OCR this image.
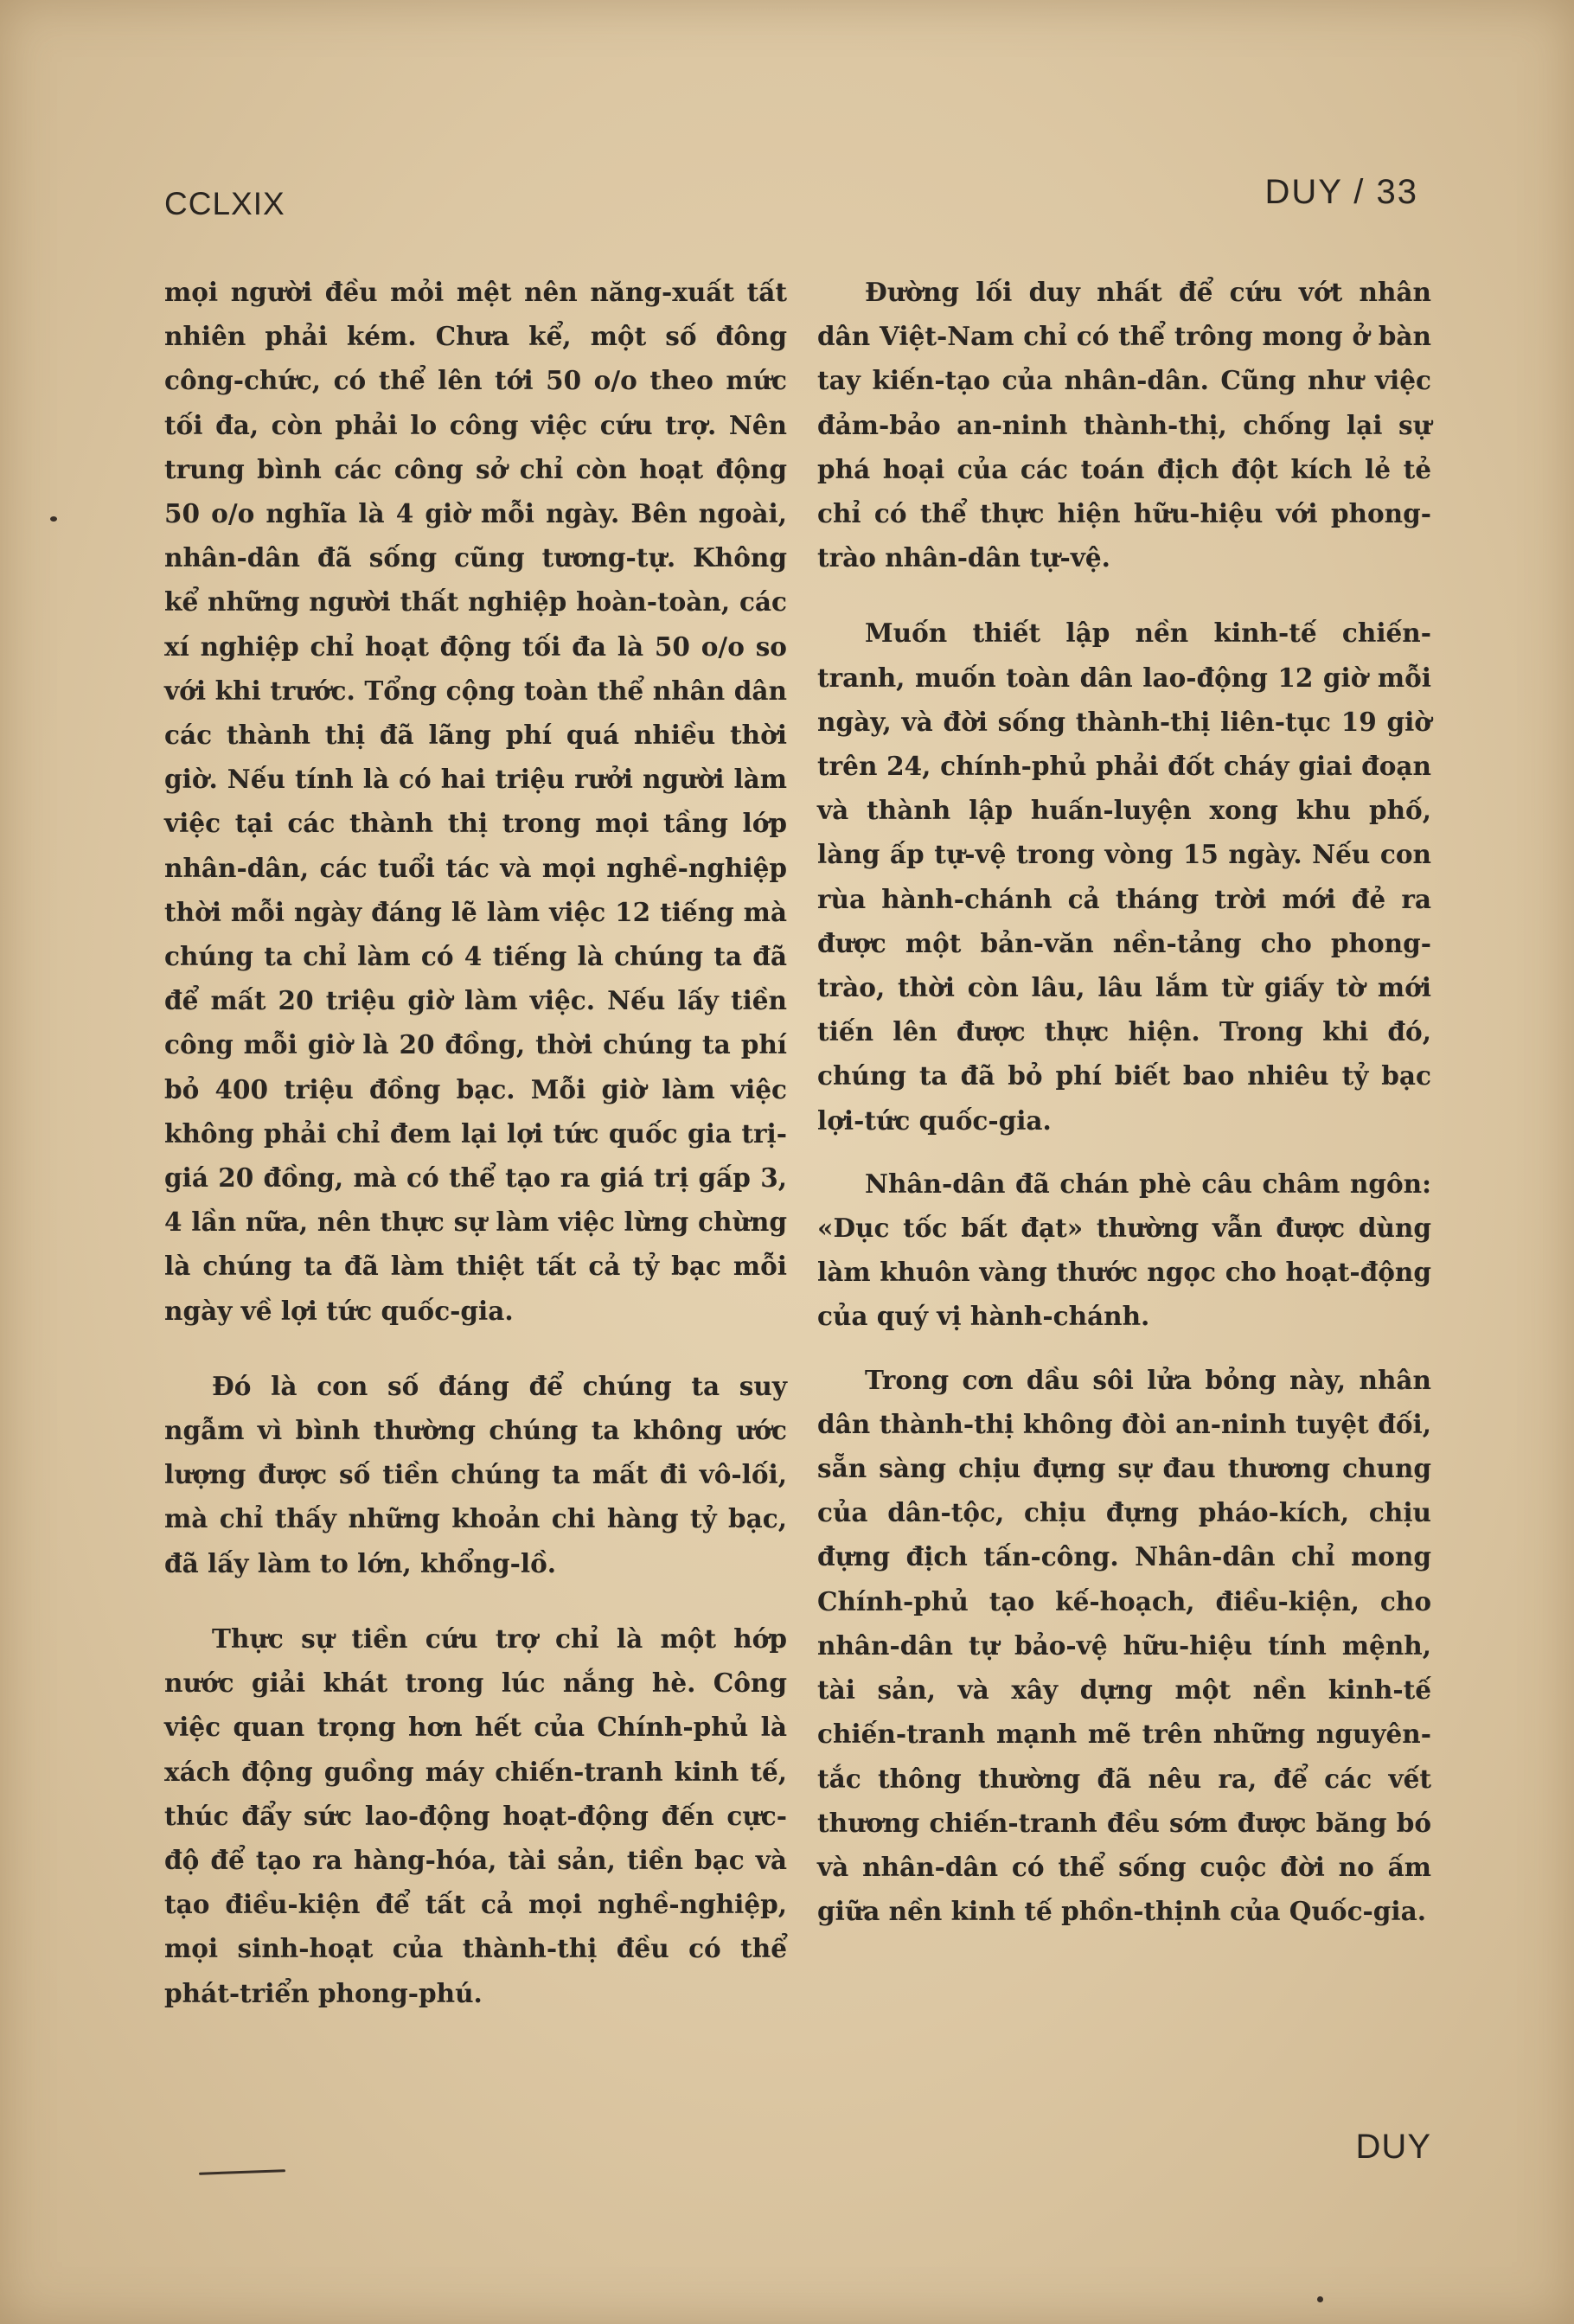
CCLXIX	DUY / 33

mọi người đều mỏi mệt nên năng-xuất tất nhiên phải kém. Chưa kể, một số đông công-chức, có thể lên tới 50 o/o theo mức tối đa, còn phải lo công việc cứu trợ. Nên trung bình các công sở chỉ còn hoạt động 50 o/o nghĩa là 4 giờ mỗi ngày. Bên ngoài, nhân-dân đã sống cũng tương-tự. Không kể những người thất nghiệp hoàn-toàn, các xí nghiệp chỉ hoạt động tối đa là 50 o/o so với khi trước. Tổng cộng toàn thể nhân dân các thành thị đã lãng phí quá nhiều thời giờ. Nếu tính là có hai triệu rưởi người làm việc tại các thành thị trong mọi tầng lớp nhân-dân, các tuổi tác và mọi nghề-nghiệp thời mỗi ngày đáng lẽ làm việc 12 tiếng mà chúng ta chỉ làm có 4 tiếng là chúng ta đã để mất 20 triệu giờ làm việc. Nếu lấy tiền công mỗi giờ là 20 đồng, thời chúng ta phí bỏ 400 triệu đồng bạc. Mỗi giờ làm việc không phải chỉ đem lại lợi tức quốc gia trị-giá 20 đồng, mà có thể tạo ra giá trị gấp 3, 4 lần nữa, nên thực sự làm việc lừng chừng là chúng ta đã làm thiệt tất cả tỷ bạc mỗi ngày về lợi tức quốc-gia.

Đó là con số đáng để chúng ta suy ngẫm vì bình thường chúng ta không ước lượng được số tiền chúng ta mất đi vô-lối, mà chỉ thấy những khoản chi hàng tỷ bạc, đã lấy làm to lớn, khổng-lồ.

Thực sự tiền cứu trợ chỉ là một hớp nước giải khát trong lúc nắng hè. Công việc quan trọng hơn hết của Chính-phủ là xách động guồng máy chiến-tranh kinh tế, thúc đẩy sức lao-động hoạt-động đến cực-độ để tạo ra hàng-hóa, tài sản, tiền bạc và tạo điều-kiện để tất cả mọi nghề-nghiệp, mọi sinh-hoạt của thành-thị đều có thể phát-triển phong-phú.

Đường lối duy nhất để cứu vớt nhân dân Việt-Nam chỉ có thể trông mong ở bàn tay kiến-tạo của nhân-dân. Cũng như việc đảm-bảo an-ninh thành-thị, chống lại sự phá hoại của các toán địch đột kích lẻ tẻ chỉ có thể thực hiện hữu-hiệu với phong-trào nhân-dân tự-vệ.

Muốn thiết lập nền kinh-tế chiến-tranh, muốn toàn dân lao-động 12 giờ mỗi ngày, và đời sống thành-thị liên-tục 19 giờ trên 24, chính-phủ phải đốt cháy giai đoạn và thành lập huấn-luyện xong khu phố, làng ấp tự-vệ trong vòng 15 ngày. Nếu con rùa hành-chánh cả tháng trời mới đẻ ra được một bản-văn nền-tảng cho phong-trào, thời còn lâu, lâu lắm từ giấy tờ mới tiến lên được thực hiện. Trong khi đó, chúng ta đã bỏ phí biết bao nhiêu tỷ bạc lợi-tức quốc-gia.

Nhân-dân đã chán phè câu châm ngôn: «Dục tốc bất đạt» thường vẫn được dùng làm khuôn vàng thước ngọc cho hoạt-động của quý vị hành-chánh.

Trong cơn dầu sôi lửa bỏng này, nhân dân thành-thị không đòi an-ninh tuyệt đối, sẵn sàng chịu đựng sự đau thương chung của dân-tộc, chịu đựng pháo-kích, chịu đựng địch tấn-công. Nhân-dân chỉ mong Chính-phủ tạo kế-hoạch, điều-kiện, cho nhân-dân tự bảo-vệ hữu-hiệu tính mệnh, tài sản, và xây dựng một nền kinh-tế chiến-tranh mạnh mẽ trên những nguyên-tắc thông thường đã nêu ra, để các vết thương chiến-tranh đều sớm được băng bó và nhân-dân có thể sống cuộc đời no ấm giữa nền kinh tế phồn-thịnh của Quốc-gia.

DUY
